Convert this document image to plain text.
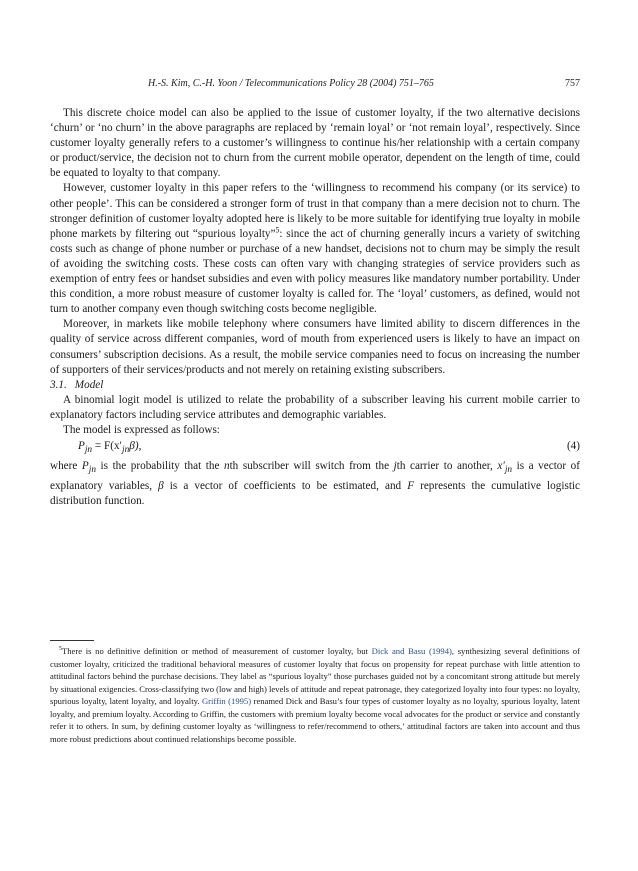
H.-S. Kim, C.-H. Yoon / Telecommunications Policy 28 (2004) 751–765	757

This discrete choice model can also be applied to the issue of customer loyalty, if the two alternative decisions ‘churn’ or ‘no churn’ in the above paragraphs are replaced by ‘remain loyal’ or ‘not remain loyal’, respectively. Since customer loyalty generally refers to a customer’s willingness to continue his/her relationship with a certain company or product/service, the decision not to churn from the current mobile operator, dependent on the length of time, could be equated to loyalty to that company.

However, customer loyalty in this paper refers to the ‘willingness to recommend his company (or its service) to other people’. This can be considered a stronger form of trust in that company than a mere decision not to churn. The stronger definition of customer loyalty adopted here is likely to be more suitable for identifying true loyalty in mobile phone markets by filtering out “spurious loyalty”$^5$: since the act of churning generally incurs a variety of switching costs such as change of phone number or purchase of a new handset, decisions not to churn may be simply the result of avoiding the switching costs. These costs can often vary with changing strategies of service providers such as exemption of entry fees or handset subsidies and even with policy measures like mandatory number portability. Under this condition, a more robust measure of customer loyalty is called for. The ‘loyal’ customers, as defined, would not turn to another company even though switching costs become negligible.

Moreover, in markets like mobile telephony where consumers have limited ability to discern differences in the quality of service across different companies, word of mouth from experienced users is likely to have an impact on consumers’ subscription decisions. As a result, the mobile service companies need to focus on increasing the number of supporters of their services/products and not merely on retaining existing subscribers.

3.1. Model

A binomial logit model is utilized to relate the probability of a subscriber leaving his current mobile carrier to explanatory factors including service attributes and demographic variables.

The model is expressed as follows:

$P_{jn} = F(x'_{jn}\beta)$,	(4)

where $P_{jn}$ is the probability that the nth subscriber will switch from the jth carrier to another, $x'_{jn}$ is a vector of explanatory variables, β is a vector of coefficients to be estimated, and F represents the cumulative logistic distribution function.

$^5$There is no definitive definition or method of measurement of customer loyalty, but Dick and Basu (1994), synthesizing several definitions of customer loyalty, criticized the traditional behavioral measures of customer loyalty that focus on propensity for repeat purchase with little attention to attitudinal factors behind the purchase decisions. They label as “spurious loyalty” those purchases guided not by a concomitant strong attitude but merely by situational exigencies. Cross-classifying two (low and high) levels of attitude and repeat patronage, they categorized loyalty into four types: no loyalty, spurious loyalty, latent loyalty, and loyalty. Griffin (1995) renamed Dick and Basu’s four types of customer loyalty as no loyalty, spurious loyalty, latent loyalty, and premium loyalty. According to Griffin, the customers with premium loyalty become vocal advocates for the product or service and constantly refer it to others. In sum, by defining customer loyalty as ‘willingness to refer/recommend to others,’ attitudinal factors are taken into account and thus more robust predictions about continued relationships become possible.
